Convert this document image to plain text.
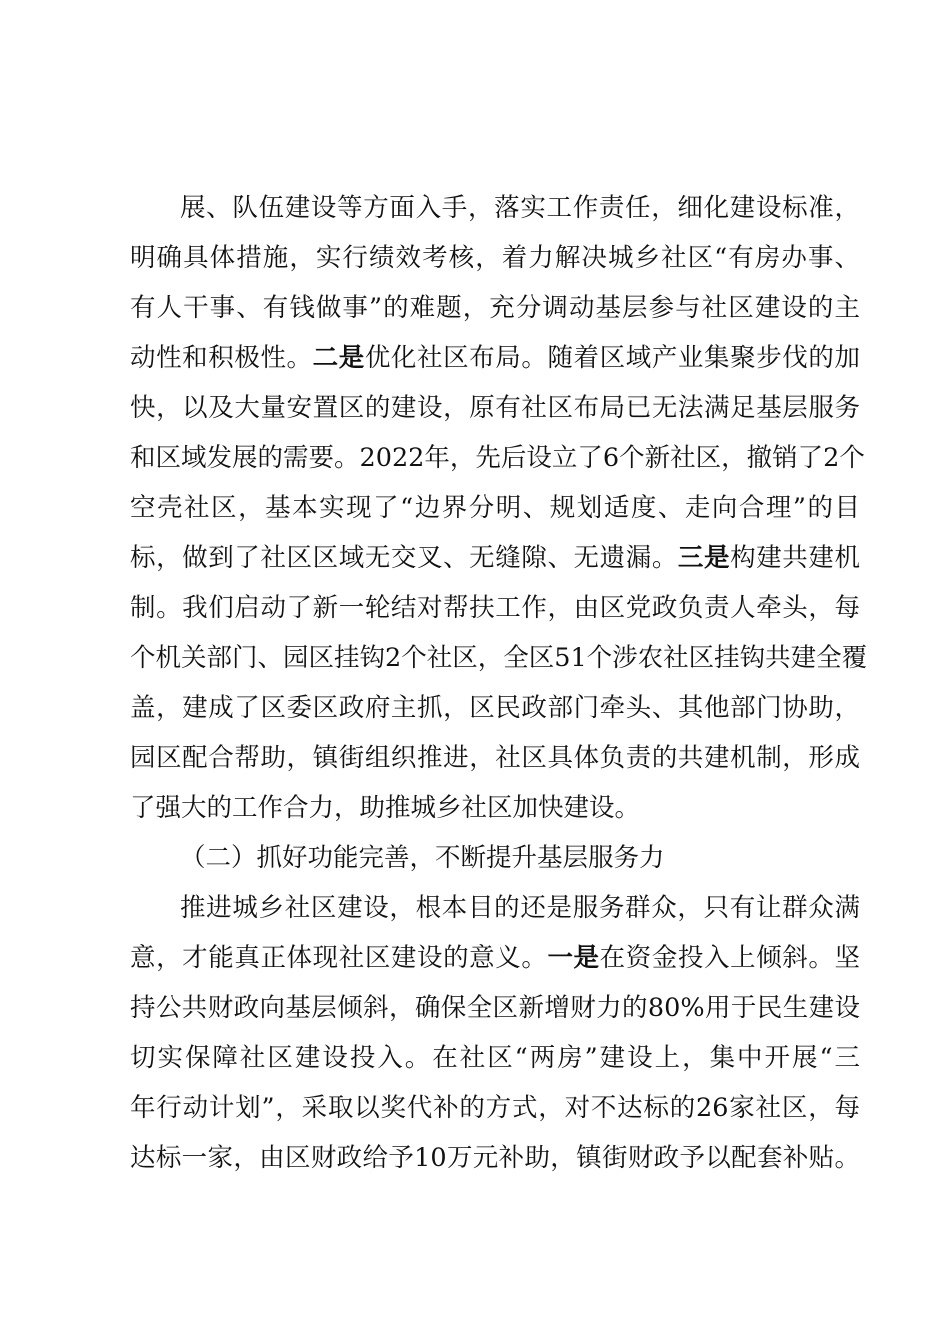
展、队伍建设等方面入手，落实工作责任，细化建设标准，
明确具体措施，实行绩效考核，着力解决城乡社区“有房办事、
有人干事、有钱做事”的难题，充分调动基层参与社区建设的主
动性和积极性。二是优化社区布局。随着区域产业集聚步伐的加
快，以及大量安置区的建设，原有社区布局已无法满足基层服务
和区域发展的需要。2022年，先后设立了6个新社区，撤销了2个
空壳社区，基本实现了“边界分明、规划适度、走向合理”的目
标，做到了社区区域无交叉、无缝隙、无遗漏。三是构建共建机
制。我们启动了新一轮结对帮扶工作，由区党政负责人牵头，每
个机关部门、园区挂钩2个社区，全区51个涉农社区挂钩共建全覆
盖，建成了区委区政府主抓，区民政部门牵头、其他部门协助，
园区配合帮助，镇街组织推进，社区具体负责的共建机制，形成
了强大的工作合力，助推城乡社区加快建设。
（二）抓好功能完善，不断提升基层服务力
推进城乡社区建设，根本目的还是服务群众，只有让群众满
意，才能真正体现社区建设的意义。一是在资金投入上倾斜。坚
持公共财政向基层倾斜，确保全区新增财力的80%用于民生建设
切实保障社区建设投入。在社区“两房”建设上，集中开展“三
年行动计划”，采取以奖代补的方式，对不达标的26家社区，每
达标一家，由区财政给予10万元补助，镇街财政予以配套补贴。
